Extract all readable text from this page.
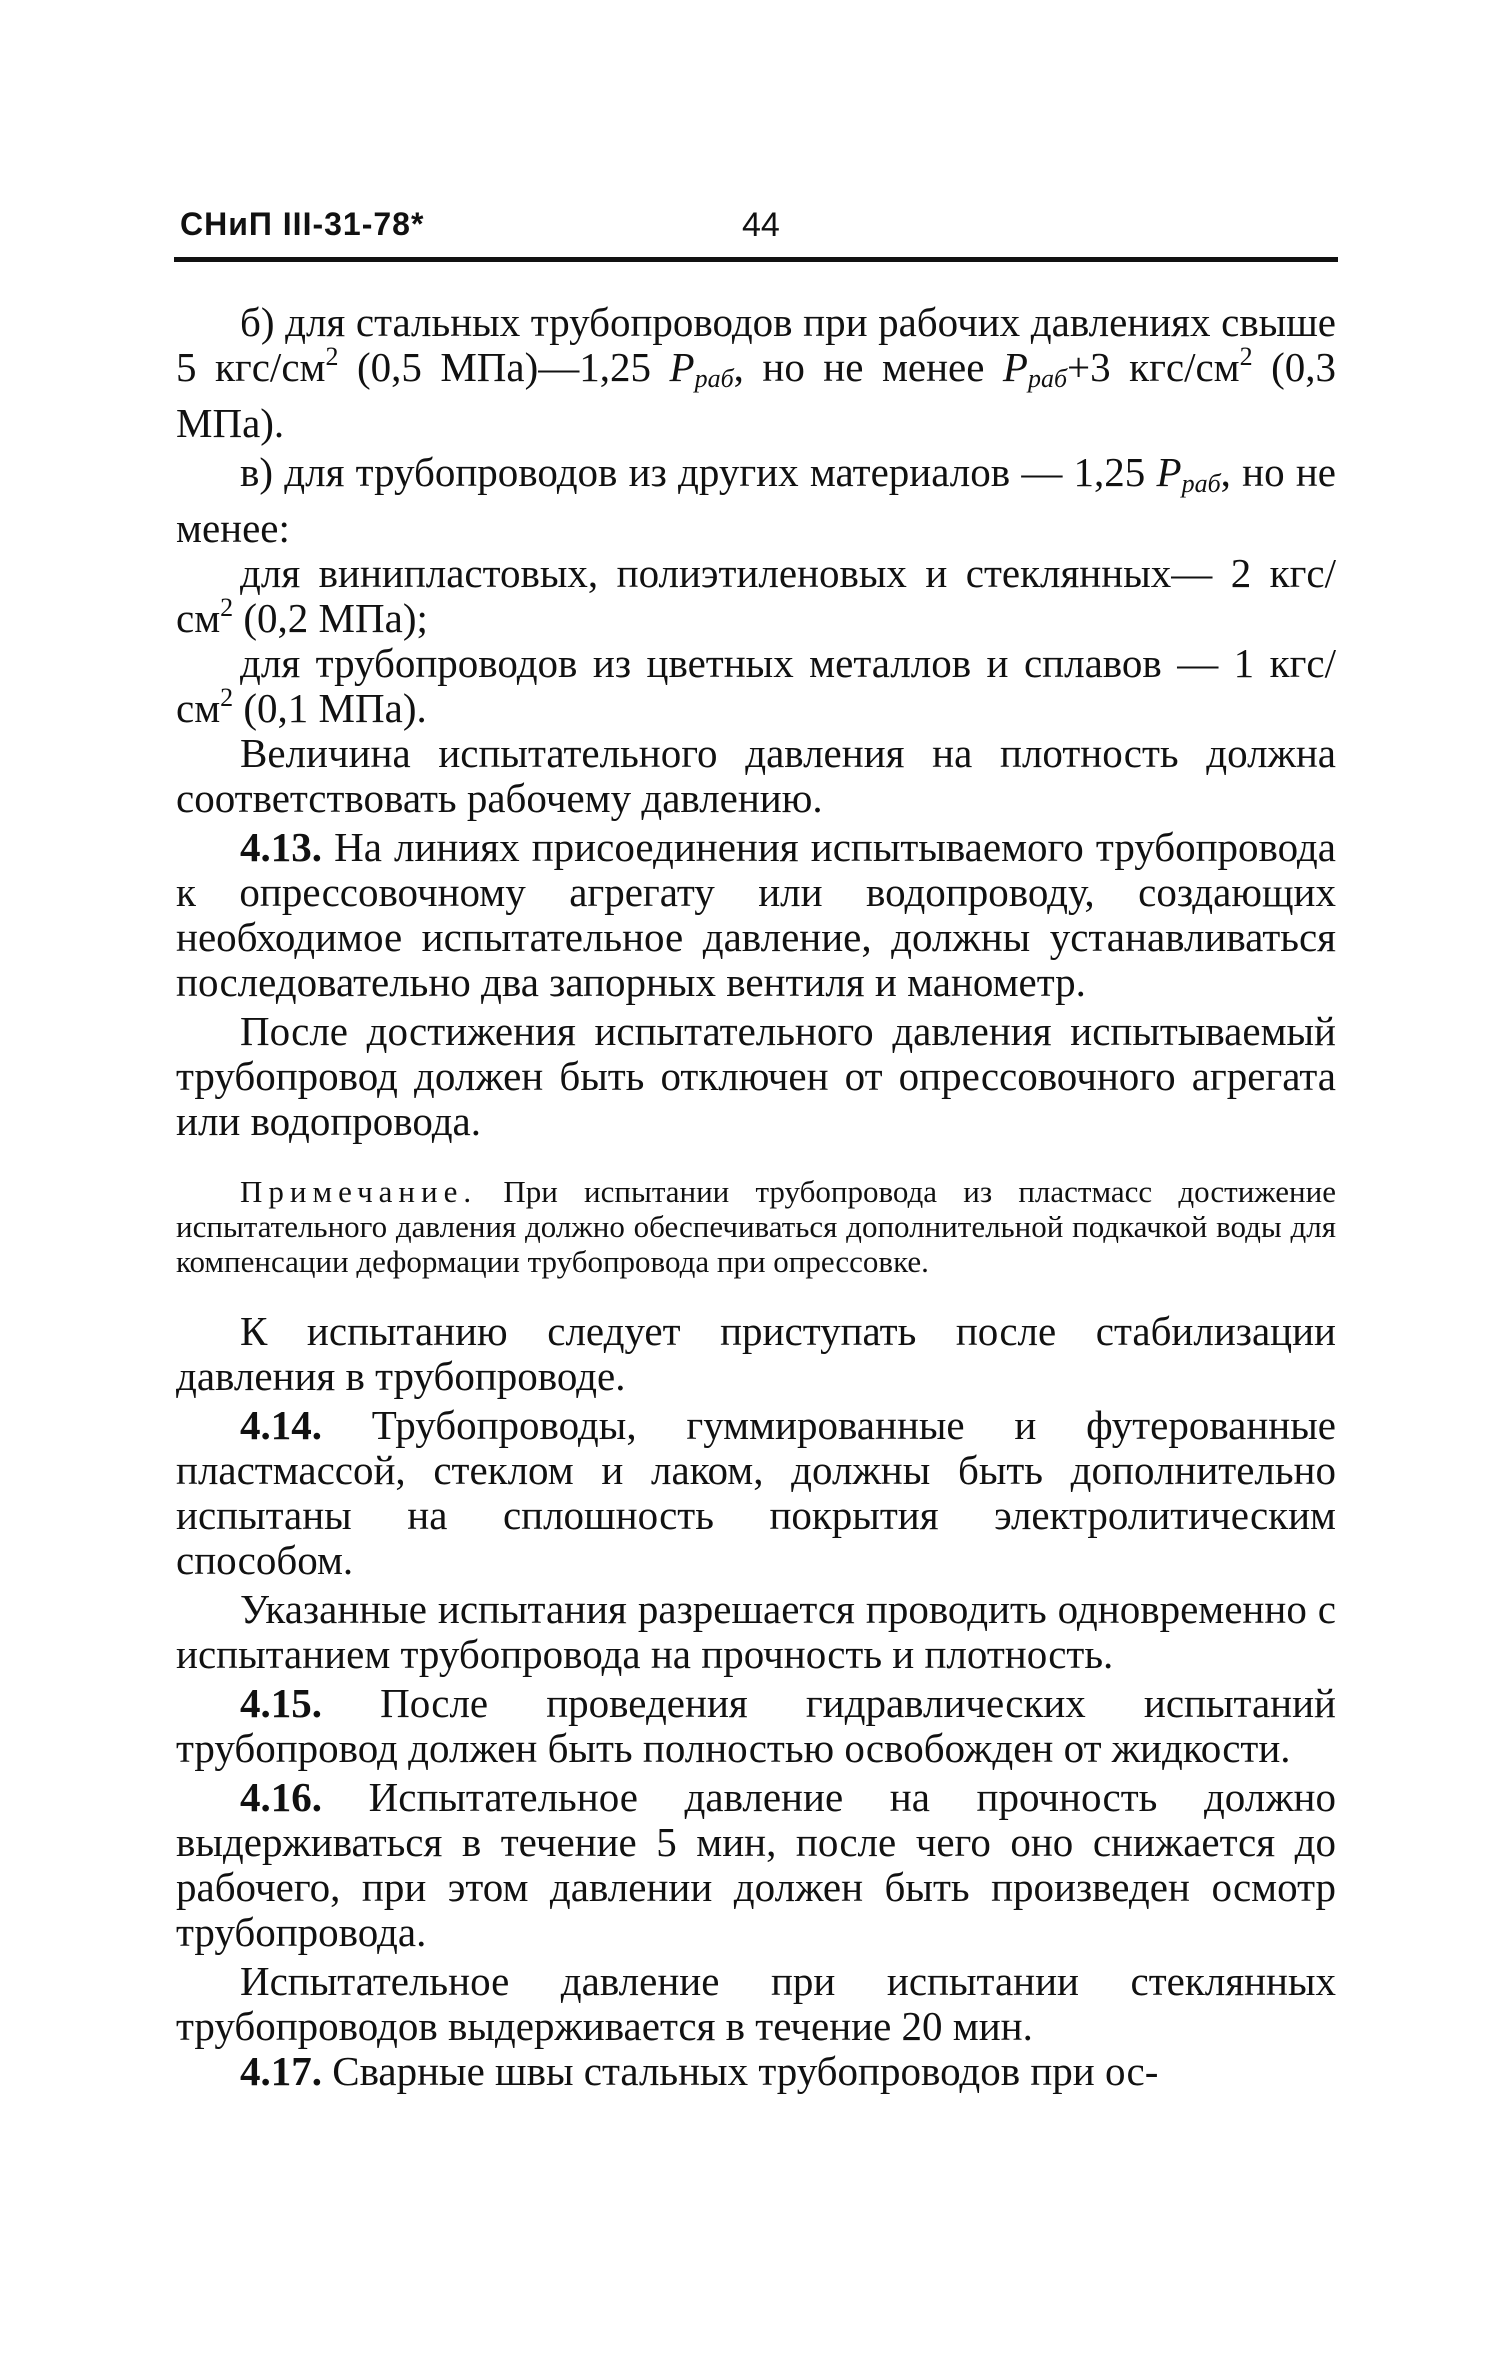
СНиП III-31-78*	44

б) для стальных трубопроводов при рабочих давлениях свыше 5 кгс/$см^2$ (0,5 МПа)—1,25 $P_{раб}$, но не менее $P_{раб}+3$ кгс/$см^2$ (0,3 МПа).

в) для трубопроводов из других материалов — 1,25 $P_{раб}$, но не менее:

для винипластовых, полиэтиленовых и стеклянных— 2 кгс/$см^2$ (0,2 МПа);

для трубопроводов из цветных металлов и сплавов — 1 кгс/$см^2$ (0,1 МПа).

Величина испытательного давления на плотность должна соответствовать рабочему давлению.

4.13. На линиях присоединения испытываемого трубопровода к опрессовочному агрегату или водопроводу, создающих необходимое испытательное давление, должны устанавливаться последовательно два запорных вентиля и манометр.

После достижения испытательного давления испытываемый трубопровод должен быть отключен от опрессовочного агрегата или водопровода.

Примечание. При испытании трубопровода из пластмасс достижение испытательного давления должно обеспечиваться дополнительной подкачкой воды для компенсации деформации трубопровода при опрессовке.

К испытанию следует приступать после стабилизации давления в трубопроводе.

4.14. Трубопроводы, гуммированные и футерованные пластмассой, стеклом и лаком, должны быть дополнительно испытаны на сплошность покрытия электролитическим способом.

Указанные испытания разрешается проводить одновременно с испытанием трубопровода на прочность и плотность.

4.15. После проведения гидравлических испытаний трубопровод должен быть полностью освобожден от жидкости.

4.16. Испытательное давление на прочность должно выдерживаться в течение 5 мин, после чего оно снижается до рабочего, при этом давлении должен быть произведен осмотр трубопровода.

Испытательное давление при испытании стеклянных трубопроводов выдерживается в течение 20 мин.

4.17. Сварные швы стальных трубопроводов при ос-
